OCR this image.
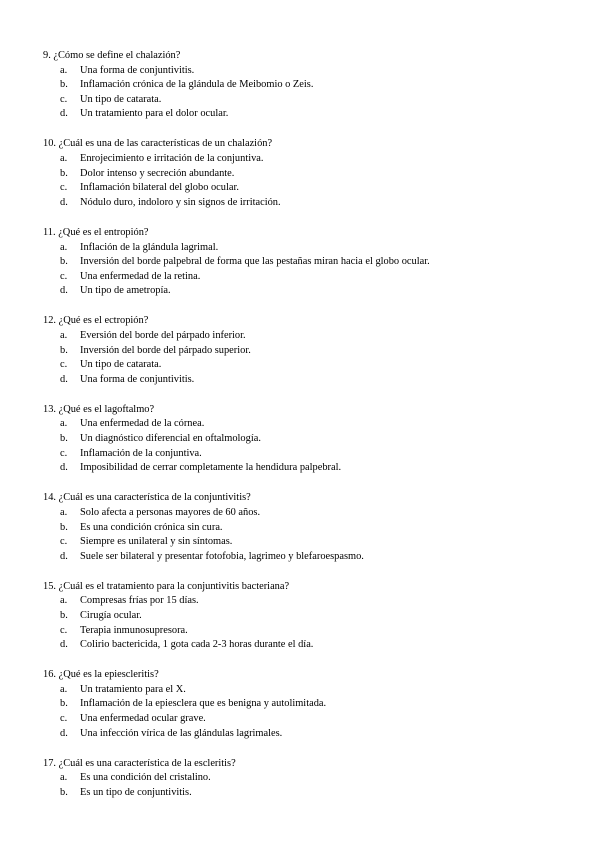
9. ¿Cómo se define el chalazión?
a. Una forma de conjuntivitis.
b. Inflamación crónica de la glándula de Meibomio o Zeis.
c. Un tipo de catarata.
d. Un tratamiento para el dolor ocular.
10. ¿Cuál es una de las características de un chalazión?
a. Enrojecimiento e irritación de la conjuntiva.
b. Dolor intenso y secreción abundante.
c. Inflamación bilateral del globo ocular.
d. Nódulo duro, indoloro y sin signos de irritación.
11. ¿Qué es el entropión?
a. Inflación de la glándula lagrimal.
b. Inversión del borde palpebral de forma que las pestañas miran hacia el globo ocular.
c. Una enfermedad de la retina.
d. Un tipo de ametropía.
12. ¿Qué es el ectropión?
a. Eversión del borde del párpado inferior.
b. Inversión del borde del párpado superior.
c. Un tipo de catarata.
d. Una forma de conjuntivitis.
13. ¿Qué es el lagoftalmo?
a. Una enfermedad de la córnea.
b. Un diagnóstico diferencial en oftalmología.
c. Inflamación de la conjuntiva.
d. Imposibilidad de cerrar completamente la hendidura palpebral.
14. ¿Cuál es una característica de la conjuntivitis?
a. Solo afecta a personas mayores de 60 años.
b. Es una condición crónica sin cura.
c. Siempre es unilateral y sin síntomas.
d. Suele ser bilateral y presentar fotofobia, lagrimeo y blefaroespasmo.
15. ¿Cuál es el tratamiento para la conjuntivitis bacteriana?
a. Compresas frías por 15 días.
b. Cirugía ocular.
c. Terapia inmunosupresora.
d. Colirio bactericida, 1 gota cada 2-3 horas durante el día.
16. ¿Qué es la epiescleritis?
a. Un tratamiento para el X.
b. Inflamación de la epiesclera que es benigna y autolimitada.
c. Una enfermedad ocular grave.
d. Una infección vírica de las glándulas lagrimales.
17. ¿Cuál es una característica de la escleritis?
a. Es una condición del cristalino.
b. Es un tipo de conjuntivitis.
